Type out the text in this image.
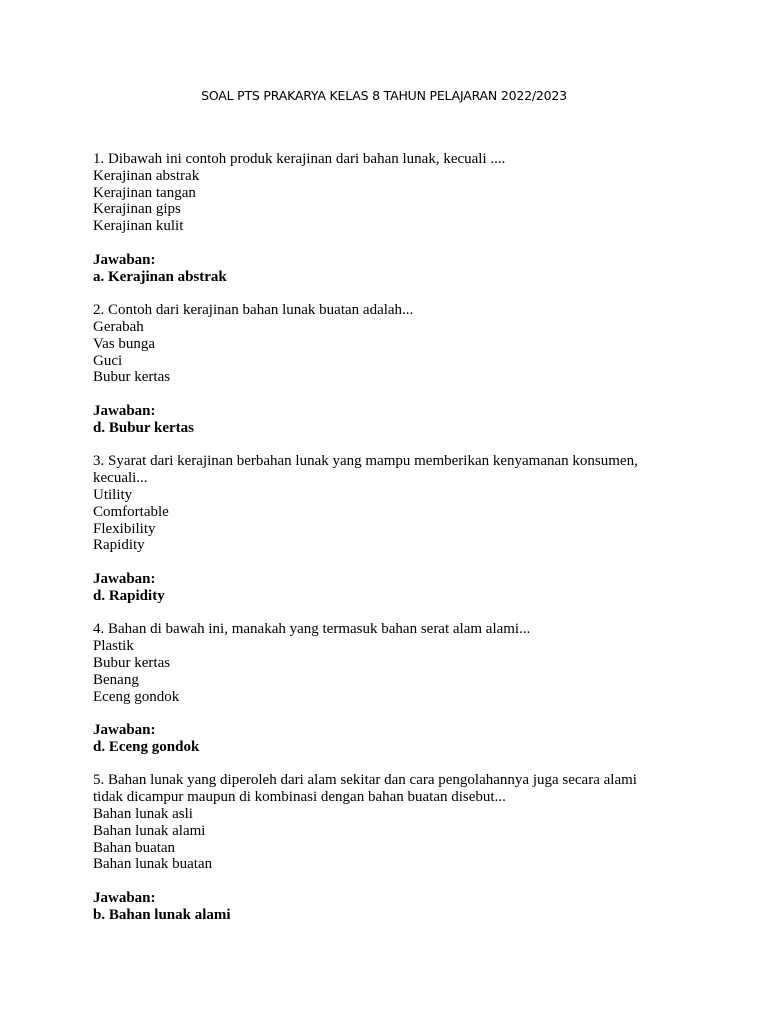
SOAL PTS PRAKARYA KELAS 8 TAHUN PELAJARAN 2022/2023

1. Dibawah ini contoh produk kerajinan dari bahan lunak, kecuali ....

Kerajinan abstrak

Kerajinan tangan

Kerajinan gips

Kerajinan kulit

Jawaban:

a. Kerajinan abstrak

2. Contoh dari kerajinan bahan lunak buatan adalah...

Gerabah

Vas bunga

Guci

Bubur kertas

Jawaban:

d. Bubur kertas

3. Syarat dari kerajinan berbahan lunak yang mampu memberikan kenyamanan konsumen,

kecuali...

Utility

Comfortable

Flexibility

Rapidity

Jawaban:

d. Rapidity

4. Bahan di bawah ini, manakah yang termasuk bahan serat alam alami...

Plastik

Bubur kertas

Benang

Eceng gondok

Jawaban:

d. Eceng gondok

5. Bahan lunak yang diperoleh dari alam sekitar dan cara pengolahannya juga secara alami

tidak dicampur maupun di kombinasi dengan bahan buatan disebut...

Bahan lunak asli

Bahan lunak alami

Bahan buatan

Bahan lunak buatan

Jawaban:

b. Bahan lunak alami
